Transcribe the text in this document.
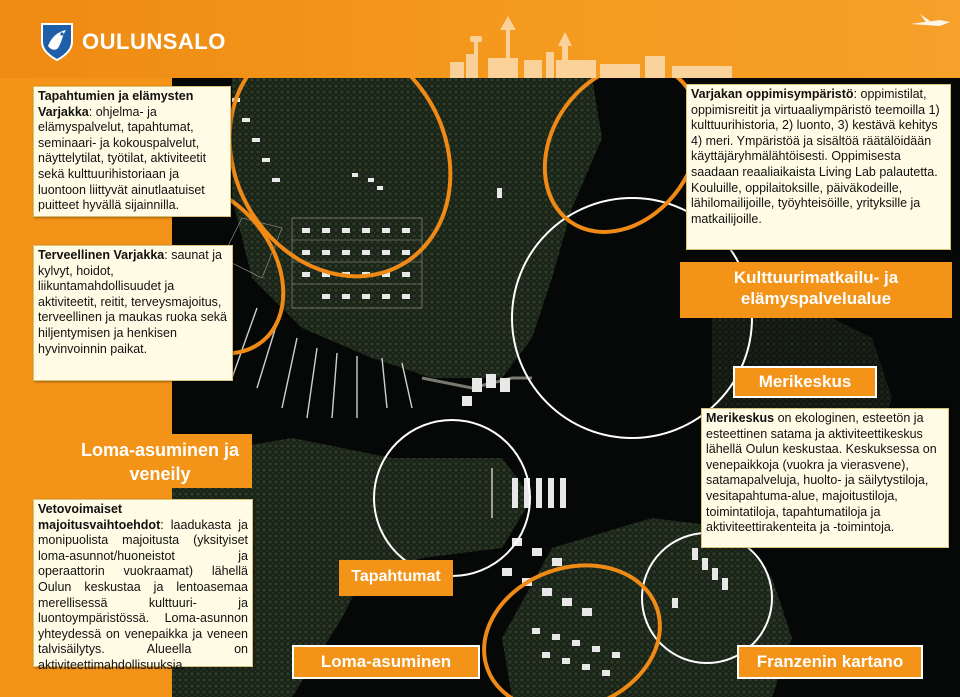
OULUNSALO
Tapahtumien ja elämysten Varjakka: ohjelma- ja elämyspalvelut, tapahtumat, seminaari- ja kokouspalvelut, näyttelytilat, työtilat, aktiviteetit sekä kulttuurihistoriaan ja luontoon liittyvät ainutlaatuiset puitteet hyvällä sijainnilla.
Terveellinen Varjakka: saunat ja kylvyt, hoidot, liikuntamahdollisuudet ja aktiviteetit, reitit, terveysmajoitus, terveellinen ja maukas ruoka sekä hiljentymisen ja henkisen hyvinvoinnin paikat.
Loma-asuminen ja veneily
Vetovoimaiset majoitusvaihtoehdot: laadukasta ja monipuolista majoitusta (yksityiset loma-asunnot/huoneistot ja operaattorin vuokraamat) lähellä Oulun keskustaa ja lentoasemaa merellisessä kulttuuri- ja luontoympäristössä. Loma-asunnon yhteydessä on venepaikka ja veneen talvisäilytys. Alueella on aktiviteettimahdollisuuksia.
Varjakan oppimisympäristö: oppimistilat, oppimisreitit ja virtuaaliympäristö teemoilla 1) kulttuurihistoria, 2) luonto, 3) kestävä kehitys 4) meri. Ympäristöä ja sisältöä räätälöidään käyttäjäryhmälähtöisesti. Oppimisesta saadaan reaaliaikaista Living Lab palautetta. Kouluille, oppilaitoksille, päiväkodeille, lähilomailijoille, työyhteisöille, yrityksille ja matkailijoille.
Kulttuurimatkailu- ja elämyspalvelualue
Merikeskus
Merikeskus on ekologinen, esteetön ja esteettinen satama ja aktiviteettikeskus lähellä Oulun keskustaa. Keskuksessa on venepaikkoja (vuokra ja vierasvene), satamapalveluja, huolto- ja säilytystiloja, vesitapahtuma-alue, majoitustiloja, toimintatiloja, tapahtumatiloja ja aktiviteettirakenteita ja -toimintoja.
Tapahtumat
Loma-asuminen	Franzenin kartano
